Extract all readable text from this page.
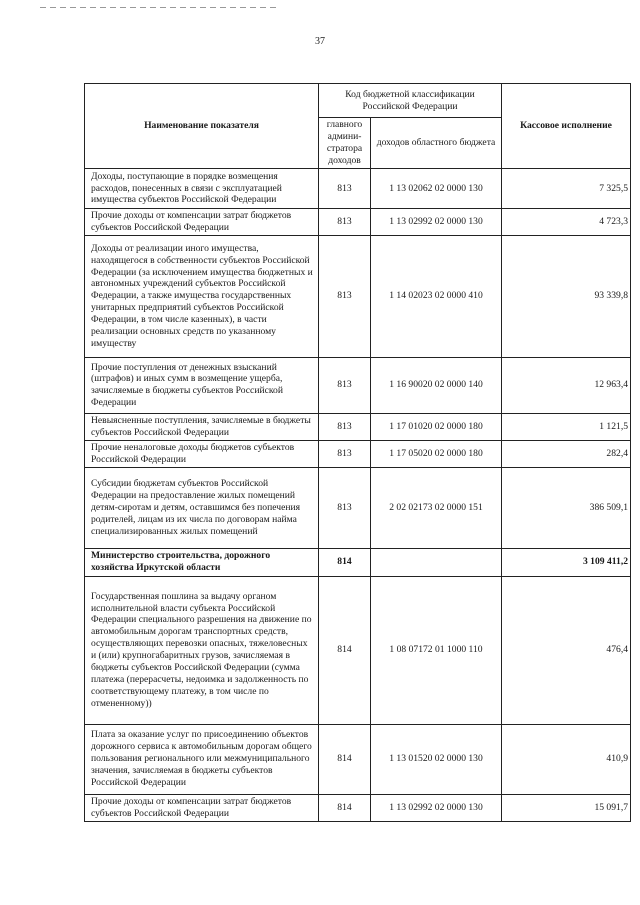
37
Наименование показателя	Код бюджетной классификации Российской Федерации		Кассовое исполнение
	главного админи-стратора доходов	доходов областного бюджета	
Доходы, поступающие в порядке возмещения расходов, понесенных в связи с эксплуатацией имущества субъектов Российской Федерации	813	1 13 02062 02 0000 130	7 325,5
Прочие доходы от компенсации затрат бюджетов субъектов Российской Федерации	813	1 13 02992 02 0000 130	4 723,3
Доходы от реализации иного имущества, находящегося в собственности субъектов Российской Федерации (за исключением имущества бюджетных и автономных учреждений субъектов Российской Федерации, а также имущества государственных унитарных предприятий субъектов Российской Федерации, в том числе казенных), в части реализации основных средств по указанному имуществу	813	1 14 02023 02 0000 410	93 339,8
Прочие поступления от денежных взысканий (штрафов) и иных сумм в возмещение ущерба, зачисляемые в бюджеты субъектов Российской Федерации	813	1 16 90020 02 0000 140	12 963,4
Невыясненные поступления, зачисляемые в бюджеты субъектов Российской Федерации	813	1 17 01020 02 0000 180	1 121,5
Прочие неналоговые доходы бюджетов субъектов Российской Федерации	813	1 17 05020 02 0000 180	282,4
Субсидии бюджетам субъектов Российской Федерации на предоставление жилых помещений детям-сиротам и детям, оставшимся без попечения родителей, лицам из их числа по договорам найма специализированных жилых помещений	813	2 02 02173 02 0000 151	386 509,1
Министерство строительства, дорожного хозяйства Иркутской области	814		3 109 411,2
Государственная пошлина за выдачу органом исполнительной власти субъекта Российской Федерации специального разрешения на движение по автомобильным дорогам транспортных средств, осуществляющих перевозки опасных, тяжеловесных и (или) крупногабаритных грузов, зачисляемая в бюджеты субъектов Российской Федерации (сумма платежа (перерасчеты, недоимка и задолженность по соответствующему платежу, в том числе по отмененному))	814	1 08 07172 01 1000 110	476,4
Плата за оказание услуг по присоединению объектов дорожного сервиса к автомобильным дорогам общего пользования регионального или межмуниципального значения, зачисляемая в бюджеты субъектов Российской Федерации	814	1 13 01520 02 0000 130	410,9
Прочие доходы от компенсации затрат бюджетов субъектов Российской Федерации	814	1 13 02992 02 0000 130	15 091,7
